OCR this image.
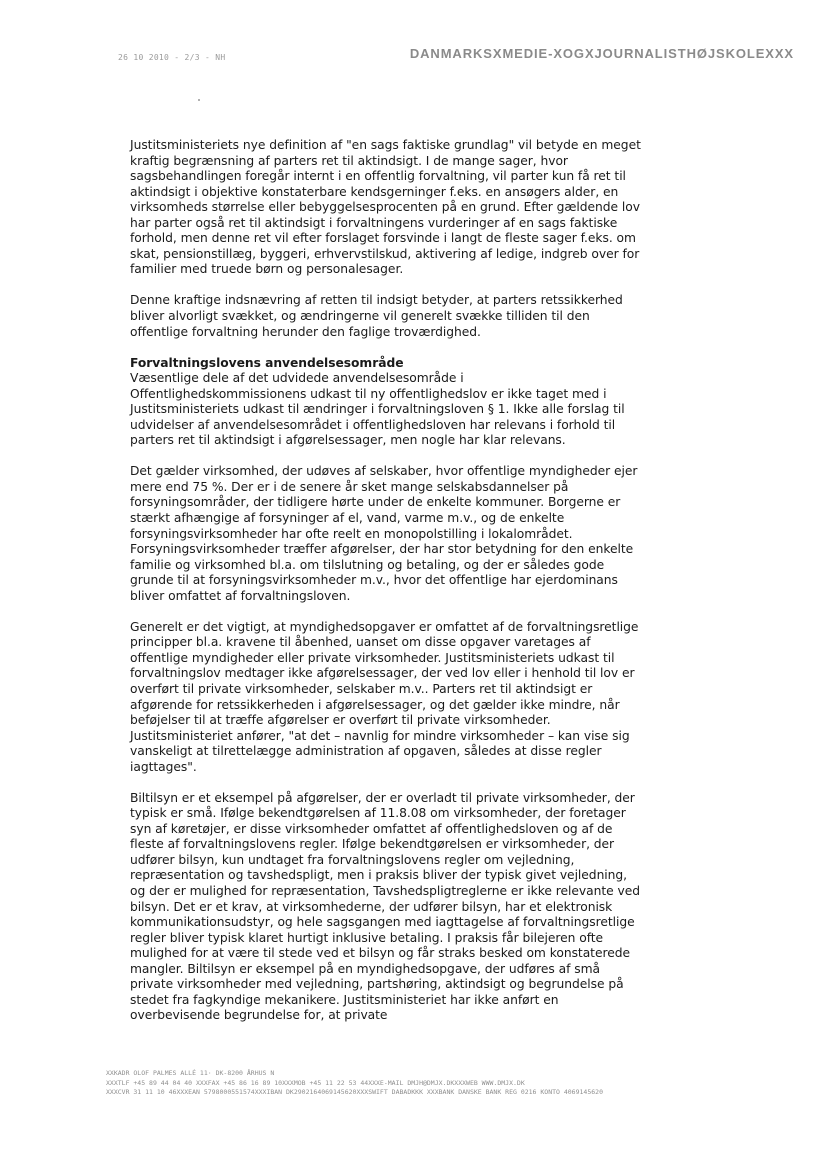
26 10 2010 - 2/3 - NH	DANMARKSXMEDIE-XOGXJOURNALISTHØJSKOLEXXX

Justitsministeriets nye definition af "en sags faktiske grundlag" vil betyde en meget kraftig begrænsning af parters ret til aktindsigt. I de mange sager, hvor sagsbehandlingen foregår internt i en offentlig forvaltning, vil parter kun få ret til aktindsigt i objektive konstaterbare kendsgerninger f.eks. en ansøgers alder, en virksomheds størrelse eller bebyggelsesprocenten på en grund. Efter gældende lov har parter også ret til aktindsigt i forvaltningens vurderinger af en sags faktiske forhold, men denne ret vil efter forslaget forsvinde i langt de fleste sager f.eks. om skat, pensionstillæg, byggeri, erhvervstilskud, aktivering af ledige, indgreb over for familier med truede børn og personalesager.

Denne kraftige indsnævring af retten til indsigt betyder, at parters retssikkerhed bliver alvorligt svækket, og ændringerne vil generelt svække tilliden til den offentlige forvaltning herunder den faglige troværdighed.

Forvaltningslovens anvendelsesområde

Væsentlige dele af det udvidede anvendelsesområde i Offentlighedskommissionens udkast til ny offentlighedslov er ikke taget med i Justitsministeriets udkast til ændringer i forvaltningsloven § 1. Ikke alle forslag til udvidelser af anvendelsesområdet i offentlighedsloven har relevans i forhold til parters ret til aktindsigt i afgørelsessager, men nogle har klar relevans.

Det gælder virksomhed, der udøves af selskaber, hvor offentlige myndigheder ejer mere end 75 %. Der er i de senere år sket mange selskabsdannelser på forsyningsområder, der tidligere hørte under de enkelte kommuner. Borgerne er stærkt afhængige af forsyninger af el, vand, varme m.v., og de enkelte forsyningsvirksomheder har ofte reelt en monopolstilling i lokalområdet. Forsyningsvirksomheder træffer afgørelser, der har stor betydning for den enkelte familie og virksomhed bl.a. om tilslutning og betaling, og der er således gode grunde til at forsyningsvirksomheder m.v., hvor det offentlige har ejerdominans bliver omfattet af forvaltningsloven.

Generelt er det vigtigt, at myndighedsopgaver er omfattet af de forvaltningsretlige principper bl.a. kravene til åbenhed, uanset om disse opgaver varetages af offentlige myndigheder eller private virksomheder. Justitsministeriets udkast til forvaltningslov medtager ikke afgørelsessager, der ved lov eller i henhold til lov er overført til private virksomheder, selskaber m.v.. Parters ret til aktindsigt er afgørende for retssikkerheden i afgørelsessager, og det gælder ikke mindre, når beføjelser til at træffe afgørelser er overført til private virksomheder. Justitsministeriet anfører, "at det – navnlig for mindre virksomheder – kan vise sig vanskeligt at tilrettelægge administration af opgaven, således at disse regler iagttages".

Biltilsyn er et eksempel på afgørelser, der er overladt til private virksomheder, der typisk er små. Ifølge bekendtgørelsen af 11.8.08 om virksomheder, der foretager syn af køretøjer, er disse virksomheder omfattet af offentlighedsloven og af de fleste af forvaltningslovens regler. Ifølge bekendtgørelsen er virksomheder, der udfører bilsyn, kun undtaget fra forvaltningslovens regler om vejledning, repræsentation og tavshedspligt, men i praksis bliver der typisk givet vejledning, og der er mulighed for repræsentation, Tavshedspligtreglerne er ikke relevante ved bilsyn. Det er et krav, at virksomhederne, der udfører bilsyn, har et elektronisk kommunikationsudstyr, og hele sagsgangen med iagttagelse af forvaltningsretlige regler bliver typisk klaret hurtigt inklusive betaling. I praksis får bilejeren ofte mulighed for at være til stede ved et bilsyn og får straks besked om konstaterede mangler. Biltilsyn er eksempel på en myndighedsopgave, der udføres af små private virksomheder med vejledning, partshøring, aktindsigt og begrundelse på stedet fra fagkyndige mekanikere. Justitsministeriet har ikke anført en overbevisende begrundelse for, at private

XXKADR OLOF PALMES ALLÉ 11· DK-8200 ÅRHUS N
XXXTLF +45 89 44 04 40 XXXFAX +45 86 16 89 10XXXMOB +45 11 22 53 44XXXE-MAIL DMJH@DMJX.DKXXXWEB WWW.DMJX.DK
XXXCVR 31 11 10 46XXXEAN 5798000551574XXXIBAN DK2902164069145620XXXSWIFT DABADKKK XXXBANK DANSKE BANK REG 0216 KONTO 4069145620
